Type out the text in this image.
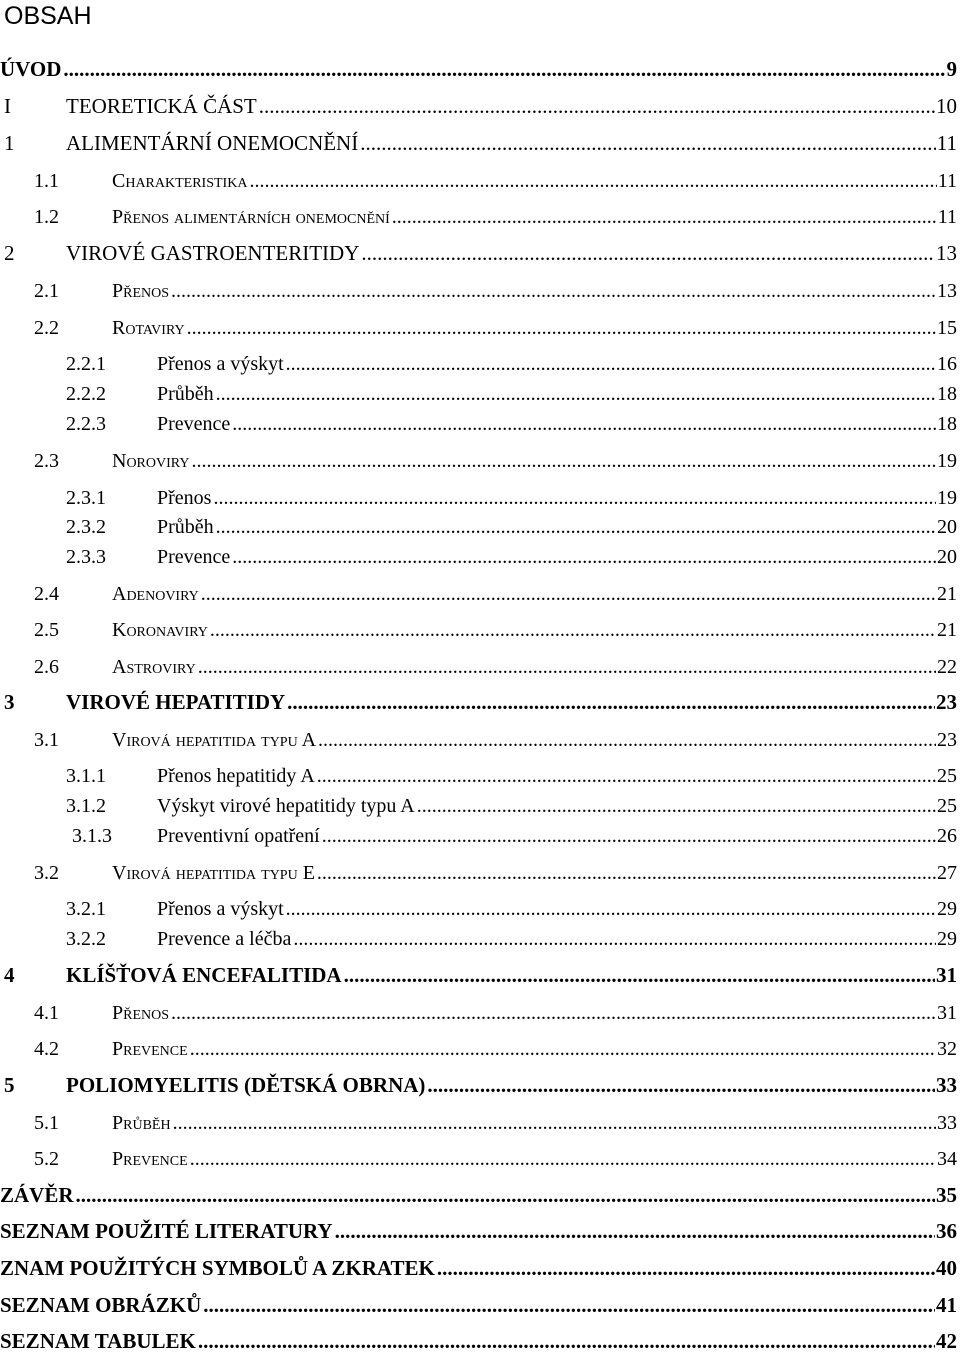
OBSAH
ÚVOD .....	9
I	TEORETICKÁ ČÁST .....	10
1	ALIMENTÁRNÍ ONEMOCNĚNÍ .....	11
1.1	Charakteristika .....	11
1.2	Přenos alimentárních onemocnění .....	11
2	VIROVÉ GASTROENTERITIDY .....	13
2.1	Přenos .....	13
2.2	Rotaviry .....	15
2.2.1	Přenos a výskyt .....	16
2.2.2	Průběh .....	18
2.2.3	Prevence .....	18
2.3	Noroviry .....	19
2.3.1	Přenos .....	19
2.3.2	Průběh .....	20
2.3.3	Prevence .....	20
2.4	Adenoviry .....	21
2.5	Koronaviry .....	21
2.6	Astroviry .....	22
3	VIROVÉ HEPATITIDY .....	23
3.1	Virová hepatitida typu A .....	23
3.1.1	Přenos hepatitidy A .....	25
3.1.2	Výskyt virové hepatitidy typu A .....	25
3.1.3	Preventivní opatření .....	26
3.2	Virová hepatitida typu E .....	27
3.2.1	Přenos a výskyt .....	29
3.2.2	Prevence a léčba .....	29
4	KLÍŠŤOVÁ ENCEFALITIDA .....	31
4.1	Přenos .....	31
4.2	Prevence .....	32
5	POLIOMYELITIS (DĚTSKÁ OBRNA) .....	33
5.1	Průběh .....	33
5.2	Prevence .....	34
ZÁVĚR .....	35
SEZNAM POUŽITÉ LITERATURY .....	36
ZNAM POUŽITÝCH SYMBOLŮ A ZKRATEK .....	40
SEZNAM OBRÁZKŮ .....	41
SEZNAM TABULEK .....	42
